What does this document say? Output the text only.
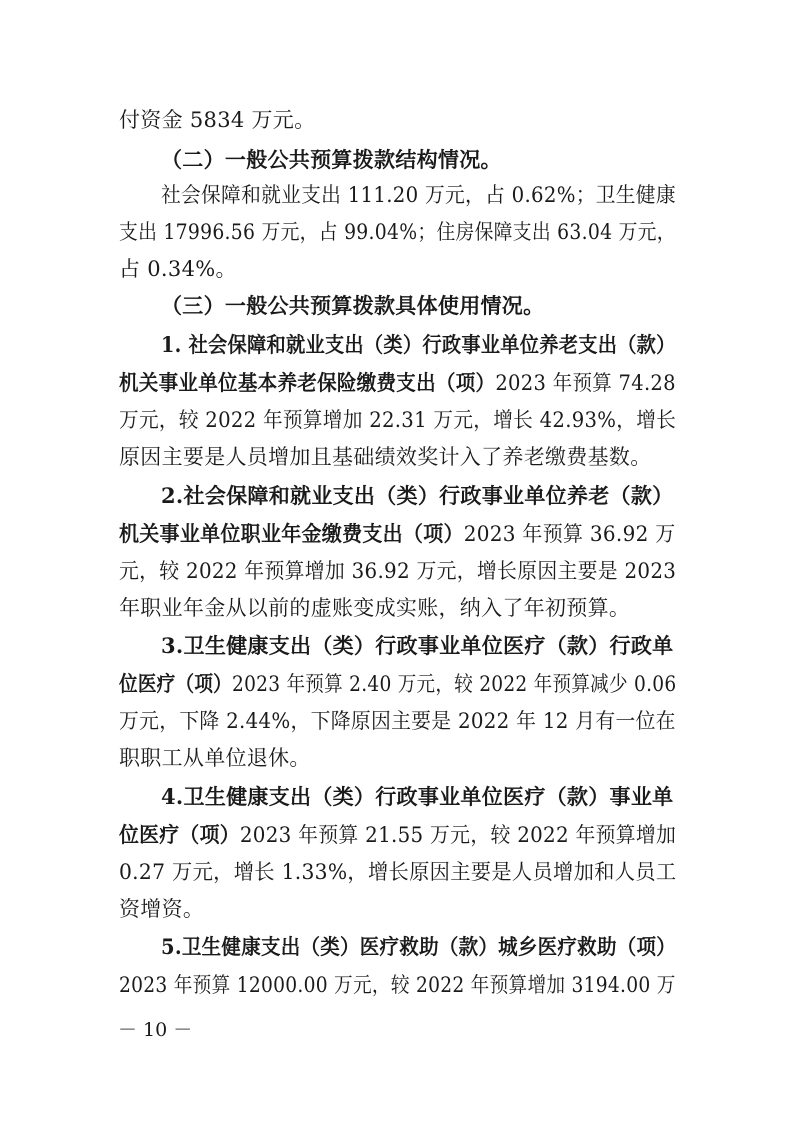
付资金 5834 万元。
（二）一般公共预算拨款结构情况。
社会保障和就业支出 111.20 万元，占 0.62%；卫生健康
支出 17996.56 万元，占 99.04%；住房保障支出 63.04 万元，
占 0.34%。
（三）一般公共预算拨款具体使用情况。
1. 社会保障和就业支出（类）行政事业单位养老支出（款）
机关事业单位基本养老保险缴费支出（项）2023 年预算 74.28
万元，较 2022 年预算增加 22.31 万元，增长 42.93%，增长
原因主要是人员增加且基础绩效奖计入了养老缴费基数。
2.社会保障和就业支出（类）行政事业单位养老（款）
机关事业单位职业年金缴费支出（项）2023 年预算 36.92 万
元，较 2022 年预算增加 36.92 万元，增长原因主要是 2023
年职业年金从以前的虚账变成实账，纳入了年初预算。
3.卫生健康支出（类）行政事业单位医疗（款）行政单
位医疗（项）2023 年预算 2.40 万元，较 2022 年预算减少 0.06
万元，下降 2.44%，下降原因主要是 2022 年 12 月有一位在
职职工从单位退休。
4.卫生健康支出（类）行政事业单位医疗（款）事业单
位医疗（项）2023 年预算 21.55 万元，较 2022 年预算增加
0.27 万元，增长 1.33%，增长原因主要是人员增加和人员工
资增资。
5.卫生健康支出（类）医疗救助（款）城乡医疗救助（项）
2023 年预算 12000.00 万元，较 2022 年预算增加 3194.00 万
－ 10 －
